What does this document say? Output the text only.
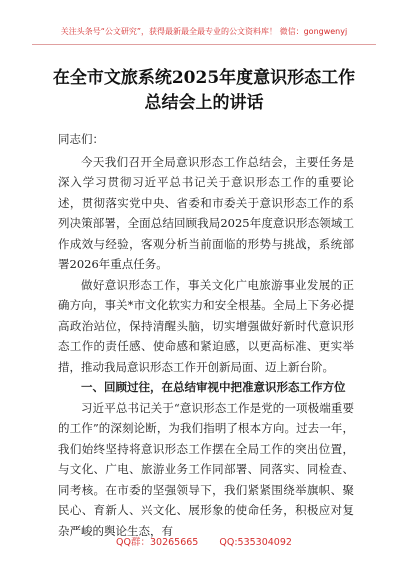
关注头条号“公文研究”，获得最新最全最专业的公文资料库！ 微信：gongwenyj
在全市文旅系统2025年度意识形态工作
总结会上的讲话

同志们：

今天我们召开全局意识形态工作总结会，主要任务是深入学习贯彻习近平总书记关于意识形态工作的重要论述，贯彻落实党中央、省委和市委关于意识形态工作的系列决策部署，全面总结回顾我局2025年度意识形态领域工作成效与经验，客观分析当前面临的形势与挑战，系统部署2026年重点任务。

做好意识形态工作，事关文化广电旅游事业发展的正确方向，事关*市文化软实力和安全根基。全局上下务必提高政治站位，保持清醒头脑，切实增强做好新时代意识形态工作的责任感、使命感和紧迫感，以更高标准、更实举措，推动我局意识形态工作开创新局面、迈上新台阶。

一、回顾过往，在总结审视中把准意识形态工作方位

习近平总书记关于“意识形态工作是党的一项极端重要的工作”的深刻论断，为我们指明了根本方向。过去一年，我们始终坚持将意识形态工作摆在全局工作的突出位置，与文化、广电、旅游业务工作同部署、同落实、同检查、同考核。在市委的坚强领导下，我们紧紧围绕举旗帜、聚民心、育新人、兴文化、展形象的使命任务，积极应对复杂严峻的舆论生态，有

QQ群：30265665 QQ:535304092
